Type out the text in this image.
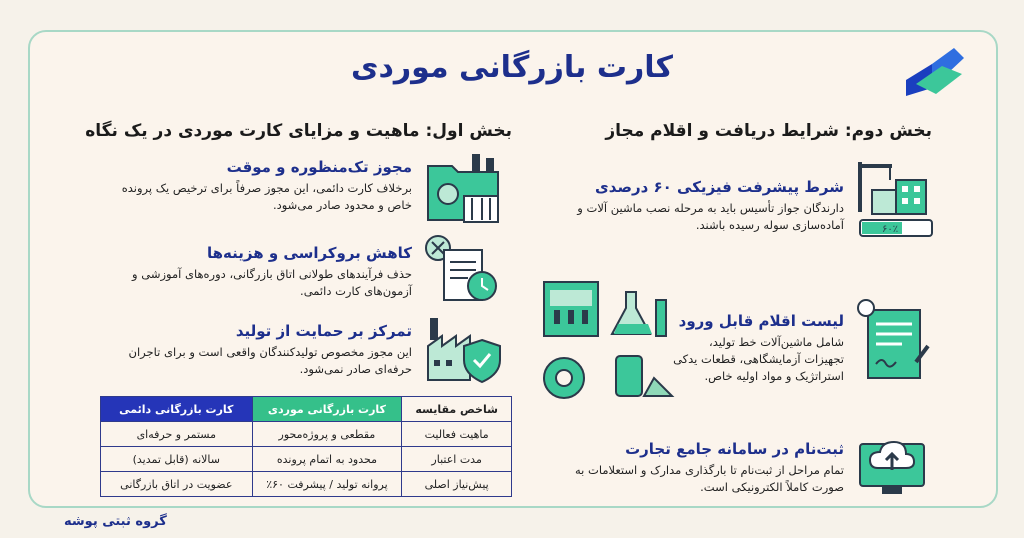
کارت بازرگانی موردی
بخش دوم: شرایط دریافت و اقلام مجاز
بخش اول: ماهیت و مزایای کارت موردی در یک نگاه
شرط پیشرفت فیزیکی ۶۰ درصدی
دارندگان جواز تأسیس باید به مرحله نصب ماشین آلات و آماده‌سازی سوله رسیده باشند.	۶۰٪
لیست اقلام قابل ورود
شامل ماشین‌آلات خط تولید، تجهیزات آزمایشگاهی، قطعات یدکی استراتژیک و مواد اولیه خاص.
ثبت‌نام در سامانه جامع تجارت
تمام مراحل از ثبت‌نام تا بارگذاری مدارک و استعلامات به صورت کاملاً الکترونیکی است.
مجوز تک‌منظوره و موقت
برخلاف کارت دائمی، این مجوز صرفاً برای ترخیص یک پرونده خاص و محدود صادر می‌شود.
کاهش بروکراسی و هزینه‌ها
حذف فرآیندهای طولانی اتاق بازرگانی، دوره‌های آموزشی و آزمون‌های کارت دائمی.
تمرکز بر حمایت از تولید
این مجوز مخصوص تولیدکنندگان واقعی است و برای تاجران حرفه‌ای صادر نمی‌شود.
شاخص مقایسه	کارت بازرگانی موردی	کارت بازرگانی دائمی
ماهیت فعالیت	مقطعی و پروژه‌محور	مستمر و حرفه‌ای
مدت اعتبار	محدود به اتمام پرونده	سالانه (قابل تمدید)
پیش‌نیاز اصلی	پروانه تولید / پیشرفت ۶۰٪	عضویت در اتاق بازرگانی
گروه ثبتی پوشه
